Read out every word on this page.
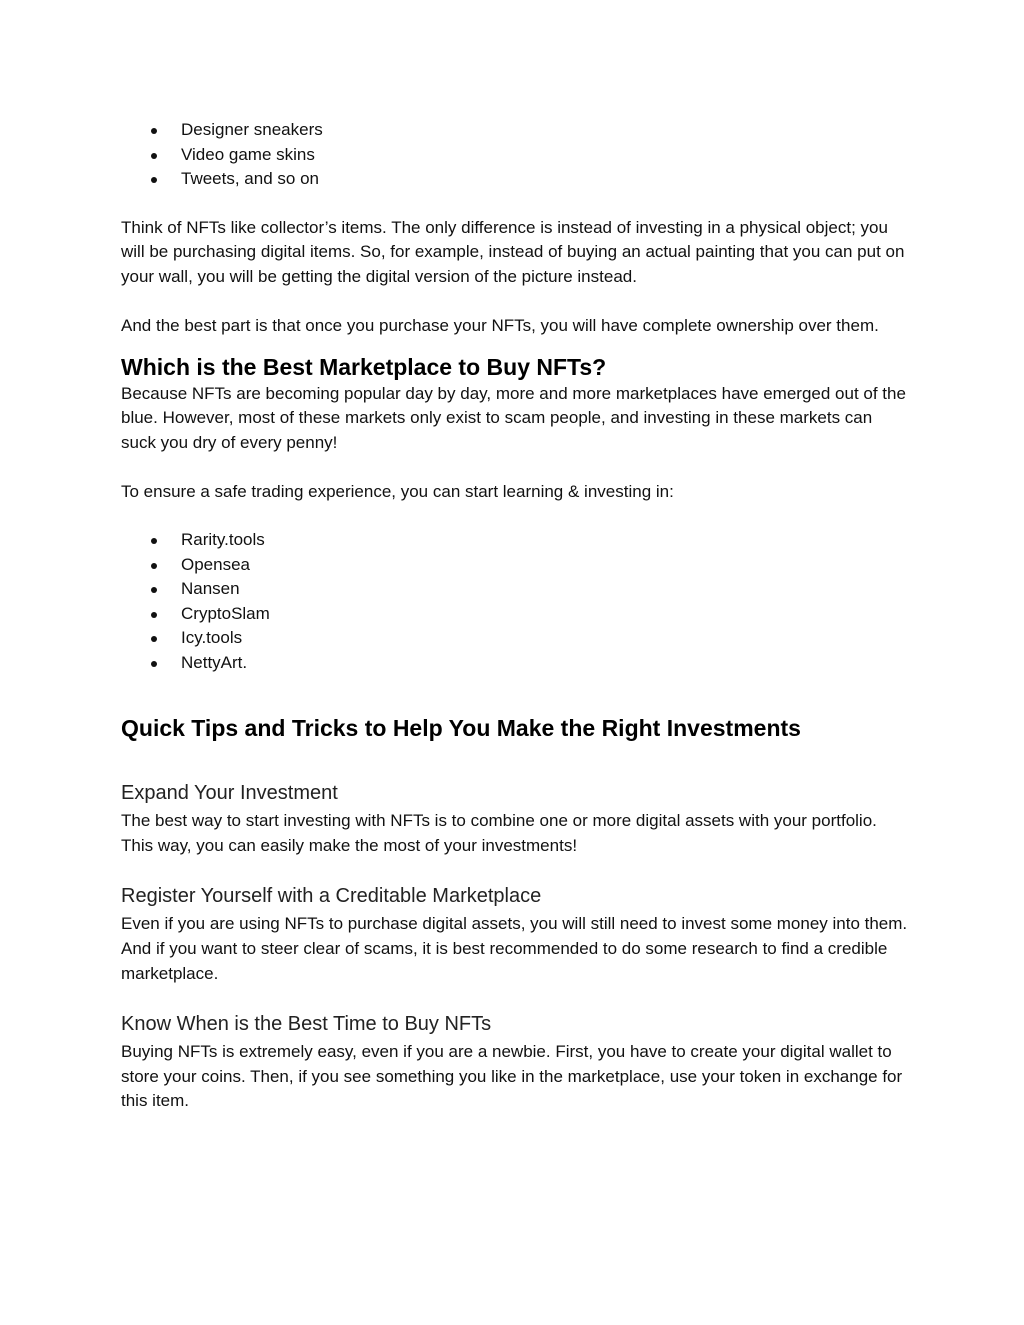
Designer sneakers
Video game skins
Tweets, and so on

Think of NFTs like collector’s items. The only difference is instead of investing in a physical object; you will be purchasing digital items. So, for example, instead of buying an actual painting that you can put on your wall, you will be getting the digital version of the picture instead.

And the best part is that once you purchase your NFTs, you will have complete ownership over them.

Which is the Best Marketplace to Buy NFTs?

Because NFTs are becoming popular day by day, more and more marketplaces have emerged out of the blue. However, most of these markets only exist to scam people, and investing in these markets can suck you dry of every penny!

To ensure a safe trading experience, you can start learning & investing in:

Rarity.tools
Opensea
Nansen
CryptoSlam
Icy.tools
NettyArt.
Quick Tips and Tricks to Help You Make the Right Investments
Expand Your Investment

The best way to start investing with NFTs is to combine one or more digital assets with your portfolio. This way, you can easily make the most of your investments!

Register Yourself with a Creditable Marketplace

Even if you are using NFTs to purchase digital assets, you will still need to invest some money into them. And if you want to steer clear of scams, it is best recommended to do some research to find a credible marketplace.

Know When is the Best Time to Buy NFTs

Buying NFTs is extremely easy, even if you are a newbie. First, you have to create your digital wallet to store your coins. Then, if you see something you like in the marketplace, use your token in exchange for this item.
